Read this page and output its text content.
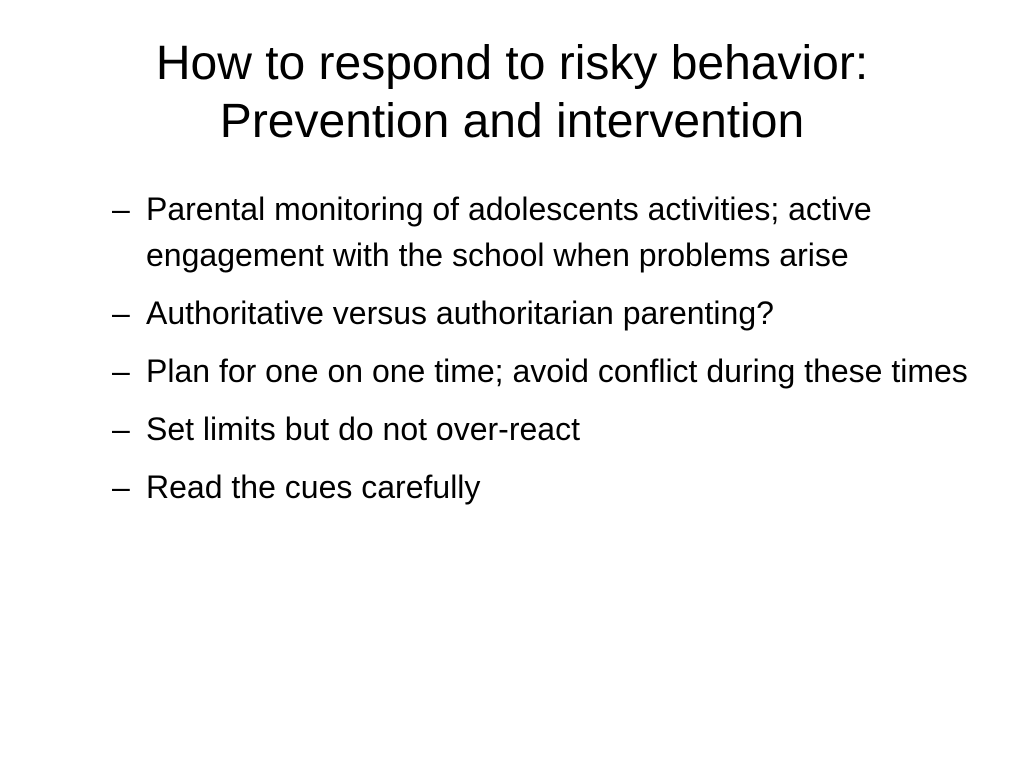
How to respond to risky behavior:
Prevention and intervention
– Parental monitoring of adolescents activities; active engagement with the school when problems arise
– Authoritative versus authoritarian parenting?
– Plan for one on one time; avoid conflict during these times
– Set limits but do not over-react
– Read the cues carefully
